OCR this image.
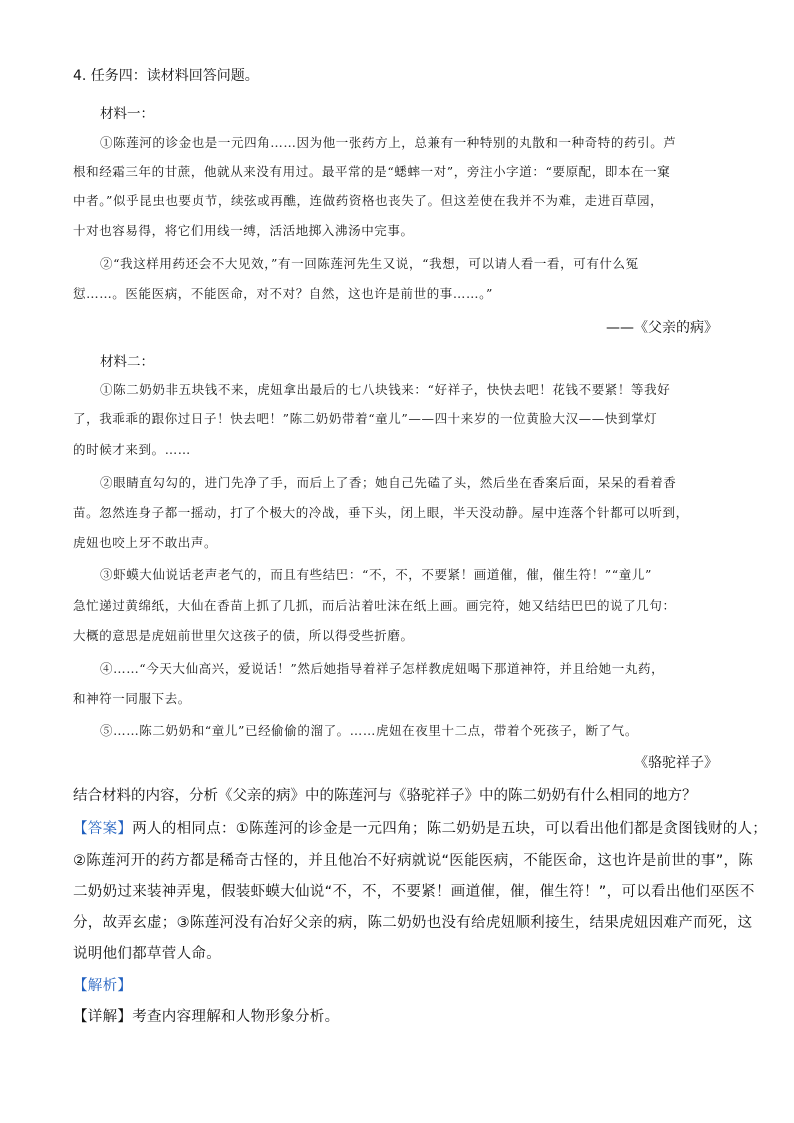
4. 任务四：读材料回答问题。
材料一：
①陈莲河的诊金也是一元四角……因为他一张药方上，总兼有一种特别的丸散和一种奇特的药引。芦
根和经霜三年的甘蔗，他就从来没有用过。最平常的是“蟋蟀一对”，旁注小字道：“要原配，即本在一窠
中者。”似乎昆虫也要贞节，续弦或再醮，连做药资格也丧失了。但这差使在我并不为难，走进百草园，
十对也容易得，将它们用线一缚，活活地掷入沸汤中完事。
②“我这样用药还会不大见效，”有一回陈莲河先生又说，“我想，可以请人看一看，可有什么冤
愆……。医能医病，不能医命，对不对？自然，这也许是前世的事……。”
——《父亲的病》
材料二：
①陈二奶奶非五块钱不来，虎妞拿出最后的七八块钱来：“好祥子，快快去吧！花钱不要紧！等我好
了，我乖乖的跟你过日子！快去吧！”陈二奶奶带着“童儿”——四十来岁的一位黄脸大汉——快到掌灯
的时候才来到。……
②眼睛直勾勾的，进门先净了手，而后上了香；她自己先磕了头，然后坐在香案后面，呆呆的看着香
苗。忽然连身子都一摇动，打了个极大的冷战，垂下头，闭上眼，半天没动静。屋中连落个针都可以听到，
虎妞也咬上牙不敢出声。
③虾蟆大仙说话老声老气的，而且有些结巴：“不，不，不要紧！画道催，催，催生符！”“童儿”
急忙递过黄绵纸，大仙在香苗上抓了几抓，而后沾着吐沫在纸上画。画完符，她又结结巴巴的说了几句：
大概的意思是虎妞前世里欠这孩子的债，所以得受些折磨。
④……“今天大仙高兴，爱说话！”然后她指导着祥子怎样教虎妞喝下那道神符，并且给她一丸药，
和神符一同服下去。
⑤……陈二奶奶和“童儿”已经偷偷的溜了。……虎妞在夜里十二点，带着个死孩子，断了气。
《骆驼祥子》
结合材料的内容，分析《父亲的病》中的陈莲河与《骆驼祥子》中的陈二奶奶有什么相同的地方？
【答案】两人的相同点：①陈莲河的诊金是一元四角；陈二奶奶是五块，可以看出他们都是贪图钱财的人；
②陈莲河开的药方都是稀奇古怪的，并且他冶不好病就说“医能医病，不能医命，这也许是前世的事”，陈
二奶奶过来装神弄鬼，假装虾蟆大仙说“不，不，不要紧！画道催，催，催生符！”，可以看出他们巫医不
分，故弄玄虚；③陈莲河没有冶好父亲的病，陈二奶奶也没有给虎妞顺利接生，结果虎妞因难产而死，这
说明他们都草菅人命。
【解析】
【详解】考查内容理解和人物形象分析。
